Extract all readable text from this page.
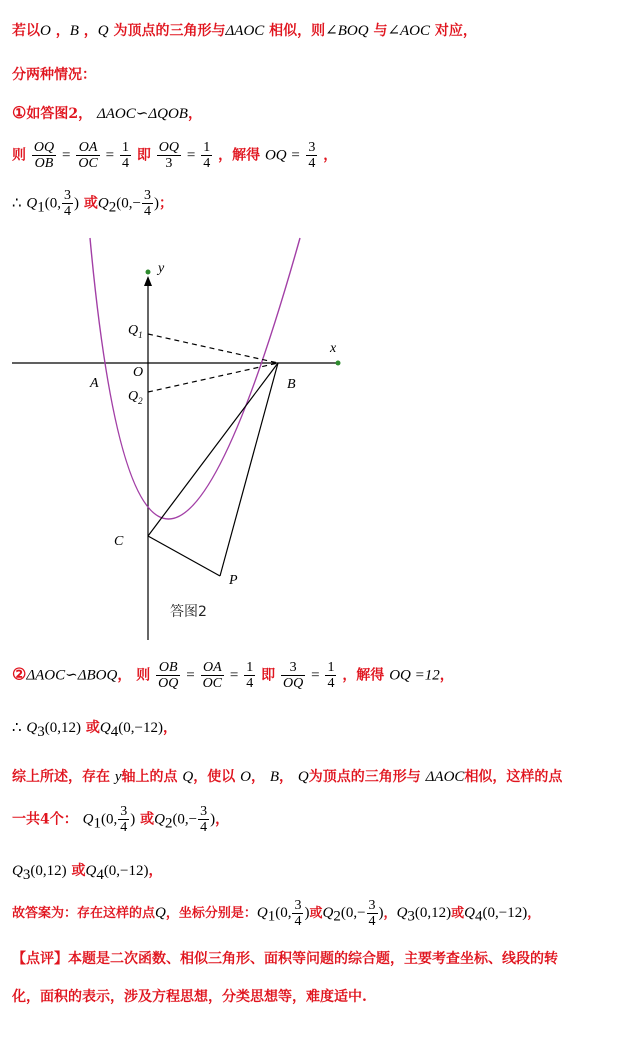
若以O ，B ，Q 为顶点的三角形与ΔAOC 相似，则∠BOQ 与∠AOC 对应，
分两种情况：
①如答图2， ΔAOC∽ΔQOB，
则 $\frac{OQ}{OB} = \frac{OA}{OC} = \frac{1}{4}$ 即 $\frac{OQ}{3} = \frac{1}{4}$ ，解得 OQ = $\frac{3}{4}$ ，
∴ $Q_1(0$, $\frac{3}{4}$ ) 或$Q_2(0,- \frac{3}{4}$ )；
y
x
O
A	B
C
P
$Q_1$
$Q_2$
答图2
②ΔAOC∽ΔBOQ， 则 $\frac{OB}{OQ} = \frac{OA}{OC} = \frac{1}{4}$ 即 $\frac{3}{OQ} = \frac{1}{4}$ ，解得 OQ =12，
∴ $Q_3(0,12)$ 或$Q_4(0,-12)$，
综上所述，存在 y轴上的点 Q，使以 O， B， Q为顶点的三角形与 ΔAOC相似，这样的点
一共4个： $Q_1(0$, $\frac{3}{4}$ ) 或$Q_2(0,- \frac{3}{4}$ )，
$Q_3(0,12)$ 或$Q_4(0,-12)$，
故答案为：存在这样的点Q，坐标分别是：$Q_1(0$, $\frac{3}{4}$ )或$Q_2(0,- \frac{3}{4}$ )，$Q_3(0,12)$或$Q_4(0,-12)$，
【点评】本题是二次函数、相似三角形、面积等问题的综合题，主要考查坐标、线段的转
化，面积的表示，涉及方程思想，分类思想等，难度适中.
